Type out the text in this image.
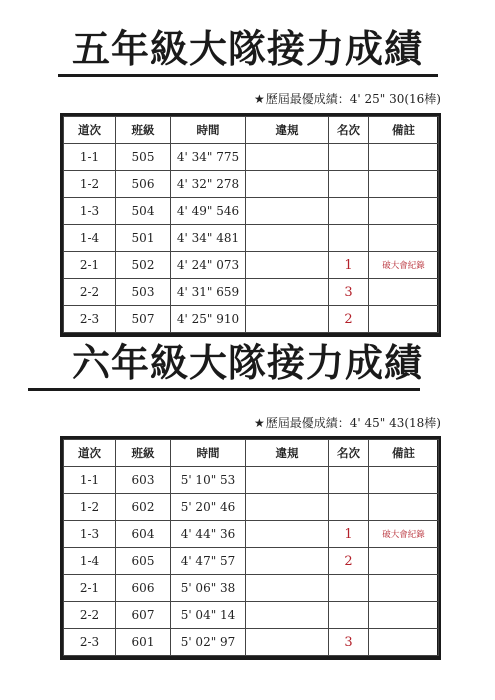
五年級大隊接力成績
★歷屆最優成績：4' 25" 30(16棒)
道次	班級	時間	違規	名次	備註
1-1	505	4' 34" 775			
1-2	506	4' 32" 278			
1-3	504	4' 49" 546			
1-4	501	4' 34" 481			
2-1	502	4' 24" 073		1	破大會紀錄
2-2	503	4' 31" 659		3	
2-3	507	4' 25" 910		2	
六年級大隊接力成績
★歷屆最優成績：4' 45" 43(18棒)
道次	班級	時間	違規	名次	備註
1-1	603	5' 10" 53			
1-2	602	5' 20" 46			
1-3	604	4' 44" 36		1	破大會紀錄
1-4	605	4' 47" 57		2	
2-1	606	5' 06" 38			
2-2	607	5' 04" 14			
2-3	601	5' 02" 97		3	
